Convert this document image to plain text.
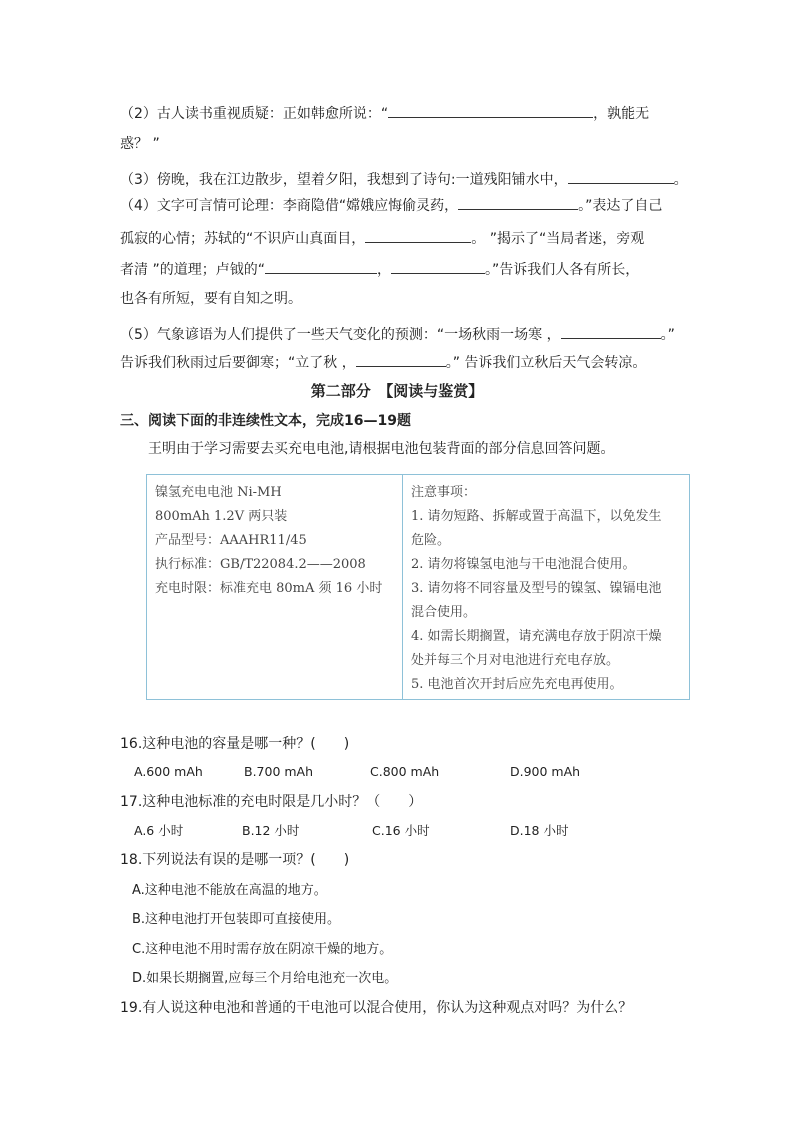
（2）古人读书重视质疑：正如韩愈所说：“	，孰能无
惑？ ”
（3）傍晚，我在江边散步，望着夕阳，我想到了诗句:一道残阳铺水中，	。
（4）文字可言情可论理：李商隐借“嫦娥应悔偷灵药，	。”表达了自己
孤寂的心情；苏轼的“不识庐山真面目，	。 ”揭示了“当局者迷，旁观
者清 ”的道理；卢钺的“	，	。”告诉我们人各有所长，
也各有所短，要有自知之明。
（5）气象谚语为人们提供了一些天气变化的预测：“一场秋雨一场寒 ，	。”
告诉我们秋雨过后要御寒；“立了秋 ，	。” 告诉我们立秋后天气会转凉。
第二部分　【阅读与鉴赏】
三、阅读下面的非连续性文本，完成16—19题
王明由于学习需要去买充电电池,请根据电池包装背面的部分信息回答问题。
镍氢充电电池 Ni-MH
800mAh 1.2V 两只装
产品型号：AAAHR11/45
执行标准：GB/T22084.2——2008
充电时限：标准充电 80mA 须 16 小时
注意事项：
1. 请勿短路、拆解或置于高温下，以免发生
危险。
2. 请勿将镍氢电池与干电池混合使用。
3. 请勿将不同容量及型号的镍氢、镍镉电池
混合使用。
4. 如需长期搁置，请充满电存放于阴凉干燥
处并每三个月对电池进行充电存放。
5. 电池首次开封后应先充电再使用。
16.这种电池的容量是哪一种？(　　)
A.600 mAh	B.700 mAh	C.800 mAh	D.900 mAh
17.这种电池标准的充电时限是几小时？（　　）
A.6 小时	B.12 小时	C.16 小时	D.18 小时
18.下列说法有误的是哪一项？(　　)
A.这种电池不能放在高温的地方。
B.这种电池打开包装即可直接使用。
C.这种电池不用时需存放在阴凉干燥的地方。
D.如果长期搁置,应每三个月给电池充一次电。
19.有人说这种电池和普通的干电池可以混合使用，你认为这种观点对吗？为什么？
